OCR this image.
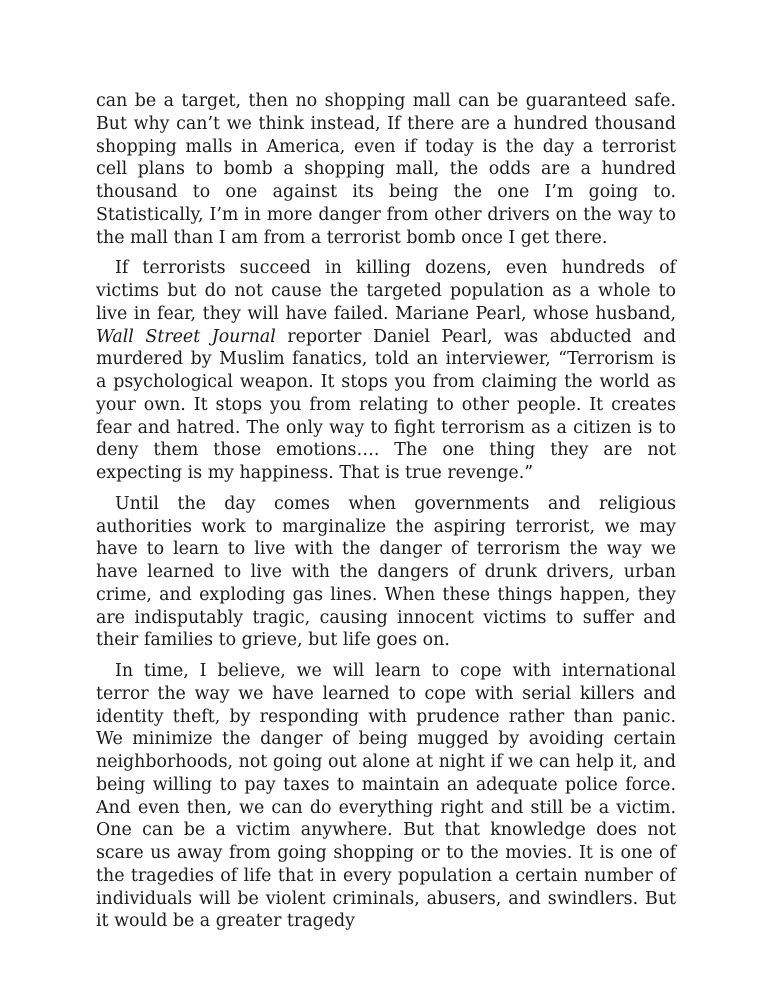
can be a target, then no shopping mall can be guaranteed safe. But why can’t we think instead, If there are a hundred thousand shopping malls in America, even if today is the day a terrorist cell plans to bomb a shopping mall, the odds are a hundred thousand to one against its being the one I’m going to. Statistically, I’m in more danger from other drivers on the way to the mall than I am from a terrorist bomb once I get there.

If terrorists succeed in killing dozens, even hundreds of victims but do not cause the targeted population as a whole to live in fear, they will have failed. Mariane Pearl, whose husband, Wall Street Journal reporter Daniel Pearl, was abducted and murdered by Muslim fanatics, told an interviewer, “Terrorism is a psychological weapon. It stops you from claiming the world as your own. It stops you from relating to other people. It creates fear and hatred. The only way to fight terrorism as a citizen is to deny them those emotions…. The one thing they are not expecting is my happiness. That is true revenge.”

Until the day comes when governments and religious authorities work to marginalize the aspiring terrorist, we may have to learn to live with the danger of terrorism the way we have learned to live with the dangers of drunk drivers, urban crime, and exploding gas lines. When these things happen, they are indisputably tragic, causing innocent victims to suffer and their families to grieve, but life goes on.

In time, I believe, we will learn to cope with international terror the way we have learned to cope with serial killers and identity theft, by responding with prudence rather than panic. We minimize the danger of being mugged by avoiding certain neighborhoods, not going out alone at night if we can help it, and being willing to pay taxes to maintain an adequate police force. And even then, we can do everything right and still be a victim. One can be a victim anywhere. But that knowledge does not scare us away from going shopping or to the movies. It is one of the tragedies of life that in every population a certain number of individuals will be violent criminals, abusers, and swindlers. But it would be a greater tragedy
